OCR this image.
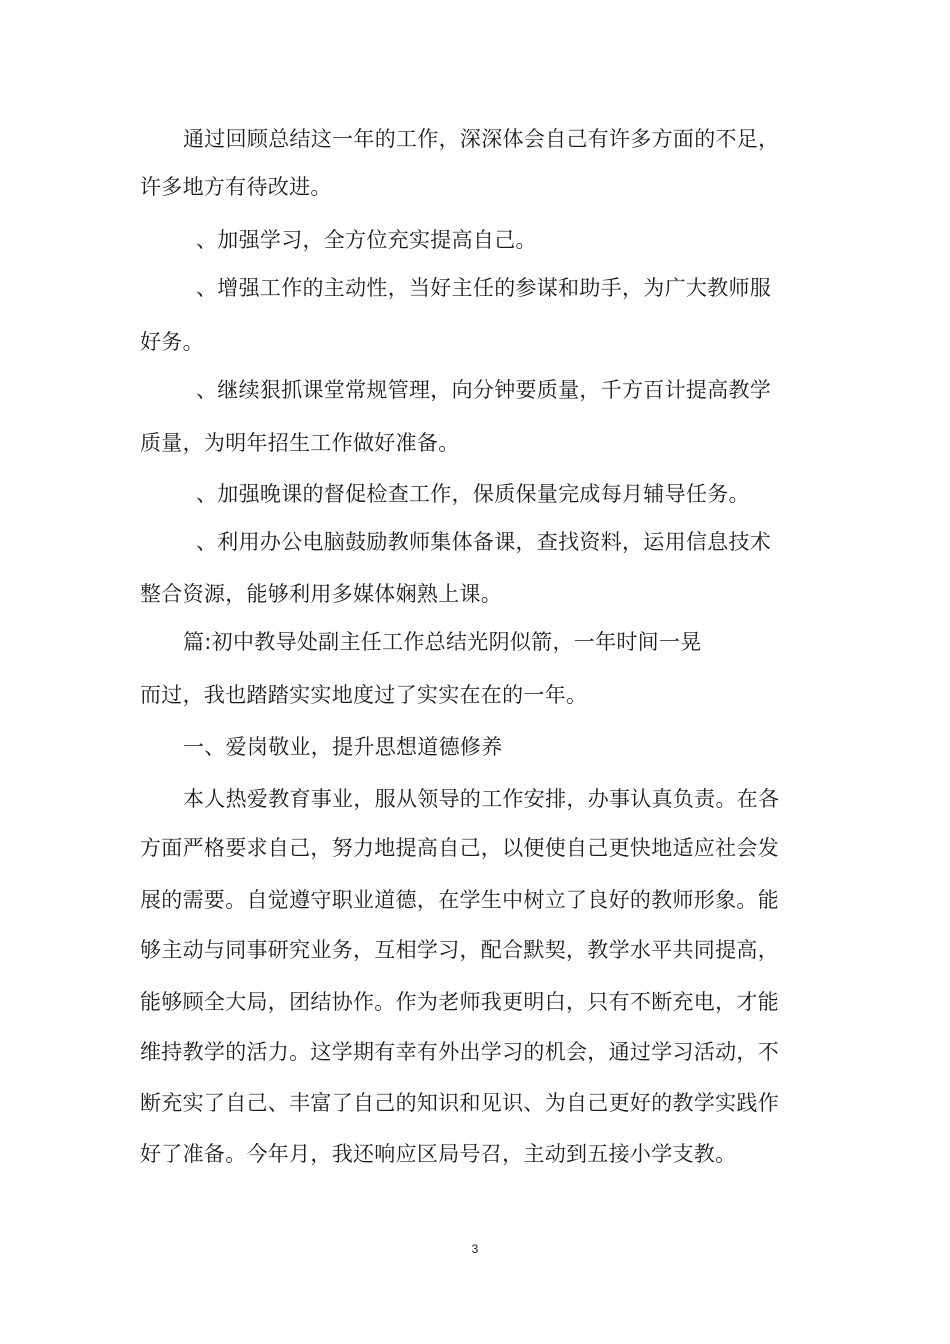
通过回顾总结这一年的工作，深深体会自己有许多方面的不足，
许多地方有待改进。
、加强学习，全方位充实提高自己。
、增强工作的主动性，当好主任的参谋和助手，为广大教师服
好务。
、继续狠抓课堂常规管理，向分钟要质量，千方百计提高教学
质量，为明年招生工作做好准备。
、加强晚课的督促检查工作，保质保量完成每月辅导任务。
、利用办公电脑鼓励教师集体备课，查找资料，运用信息技术
整合资源，能够利用多媒体娴熟上课。
篇:初中教导处副主任工作总结光阴似箭，一年时间一晃
而过，我也踏踏实实地度过了实实在在的一年。
一、爱岗敬业，提升思想道德修养
本人热爱教育事业，服从领导的工作安排，办事认真负责。在各
方面严格要求自己，努力地提高自己，以便使自己更快地适应社会发
展的需要。自觉遵守职业道德，在学生中树立了良好的教师形象。能
够主动与同事研究业务，互相学习，配合默契，教学水平共同提高，
能够顾全大局，团结协作。作为老师我更明白，只有不断充电，才能
维持教学的活力。这学期有幸有外出学习的机会，通过学习活动，不
断充实了自己、丰富了自己的知识和见识、为自己更好的教学实践作
好了准备。今年月，我还响应区局号召，主动到五接小学支教。
3
